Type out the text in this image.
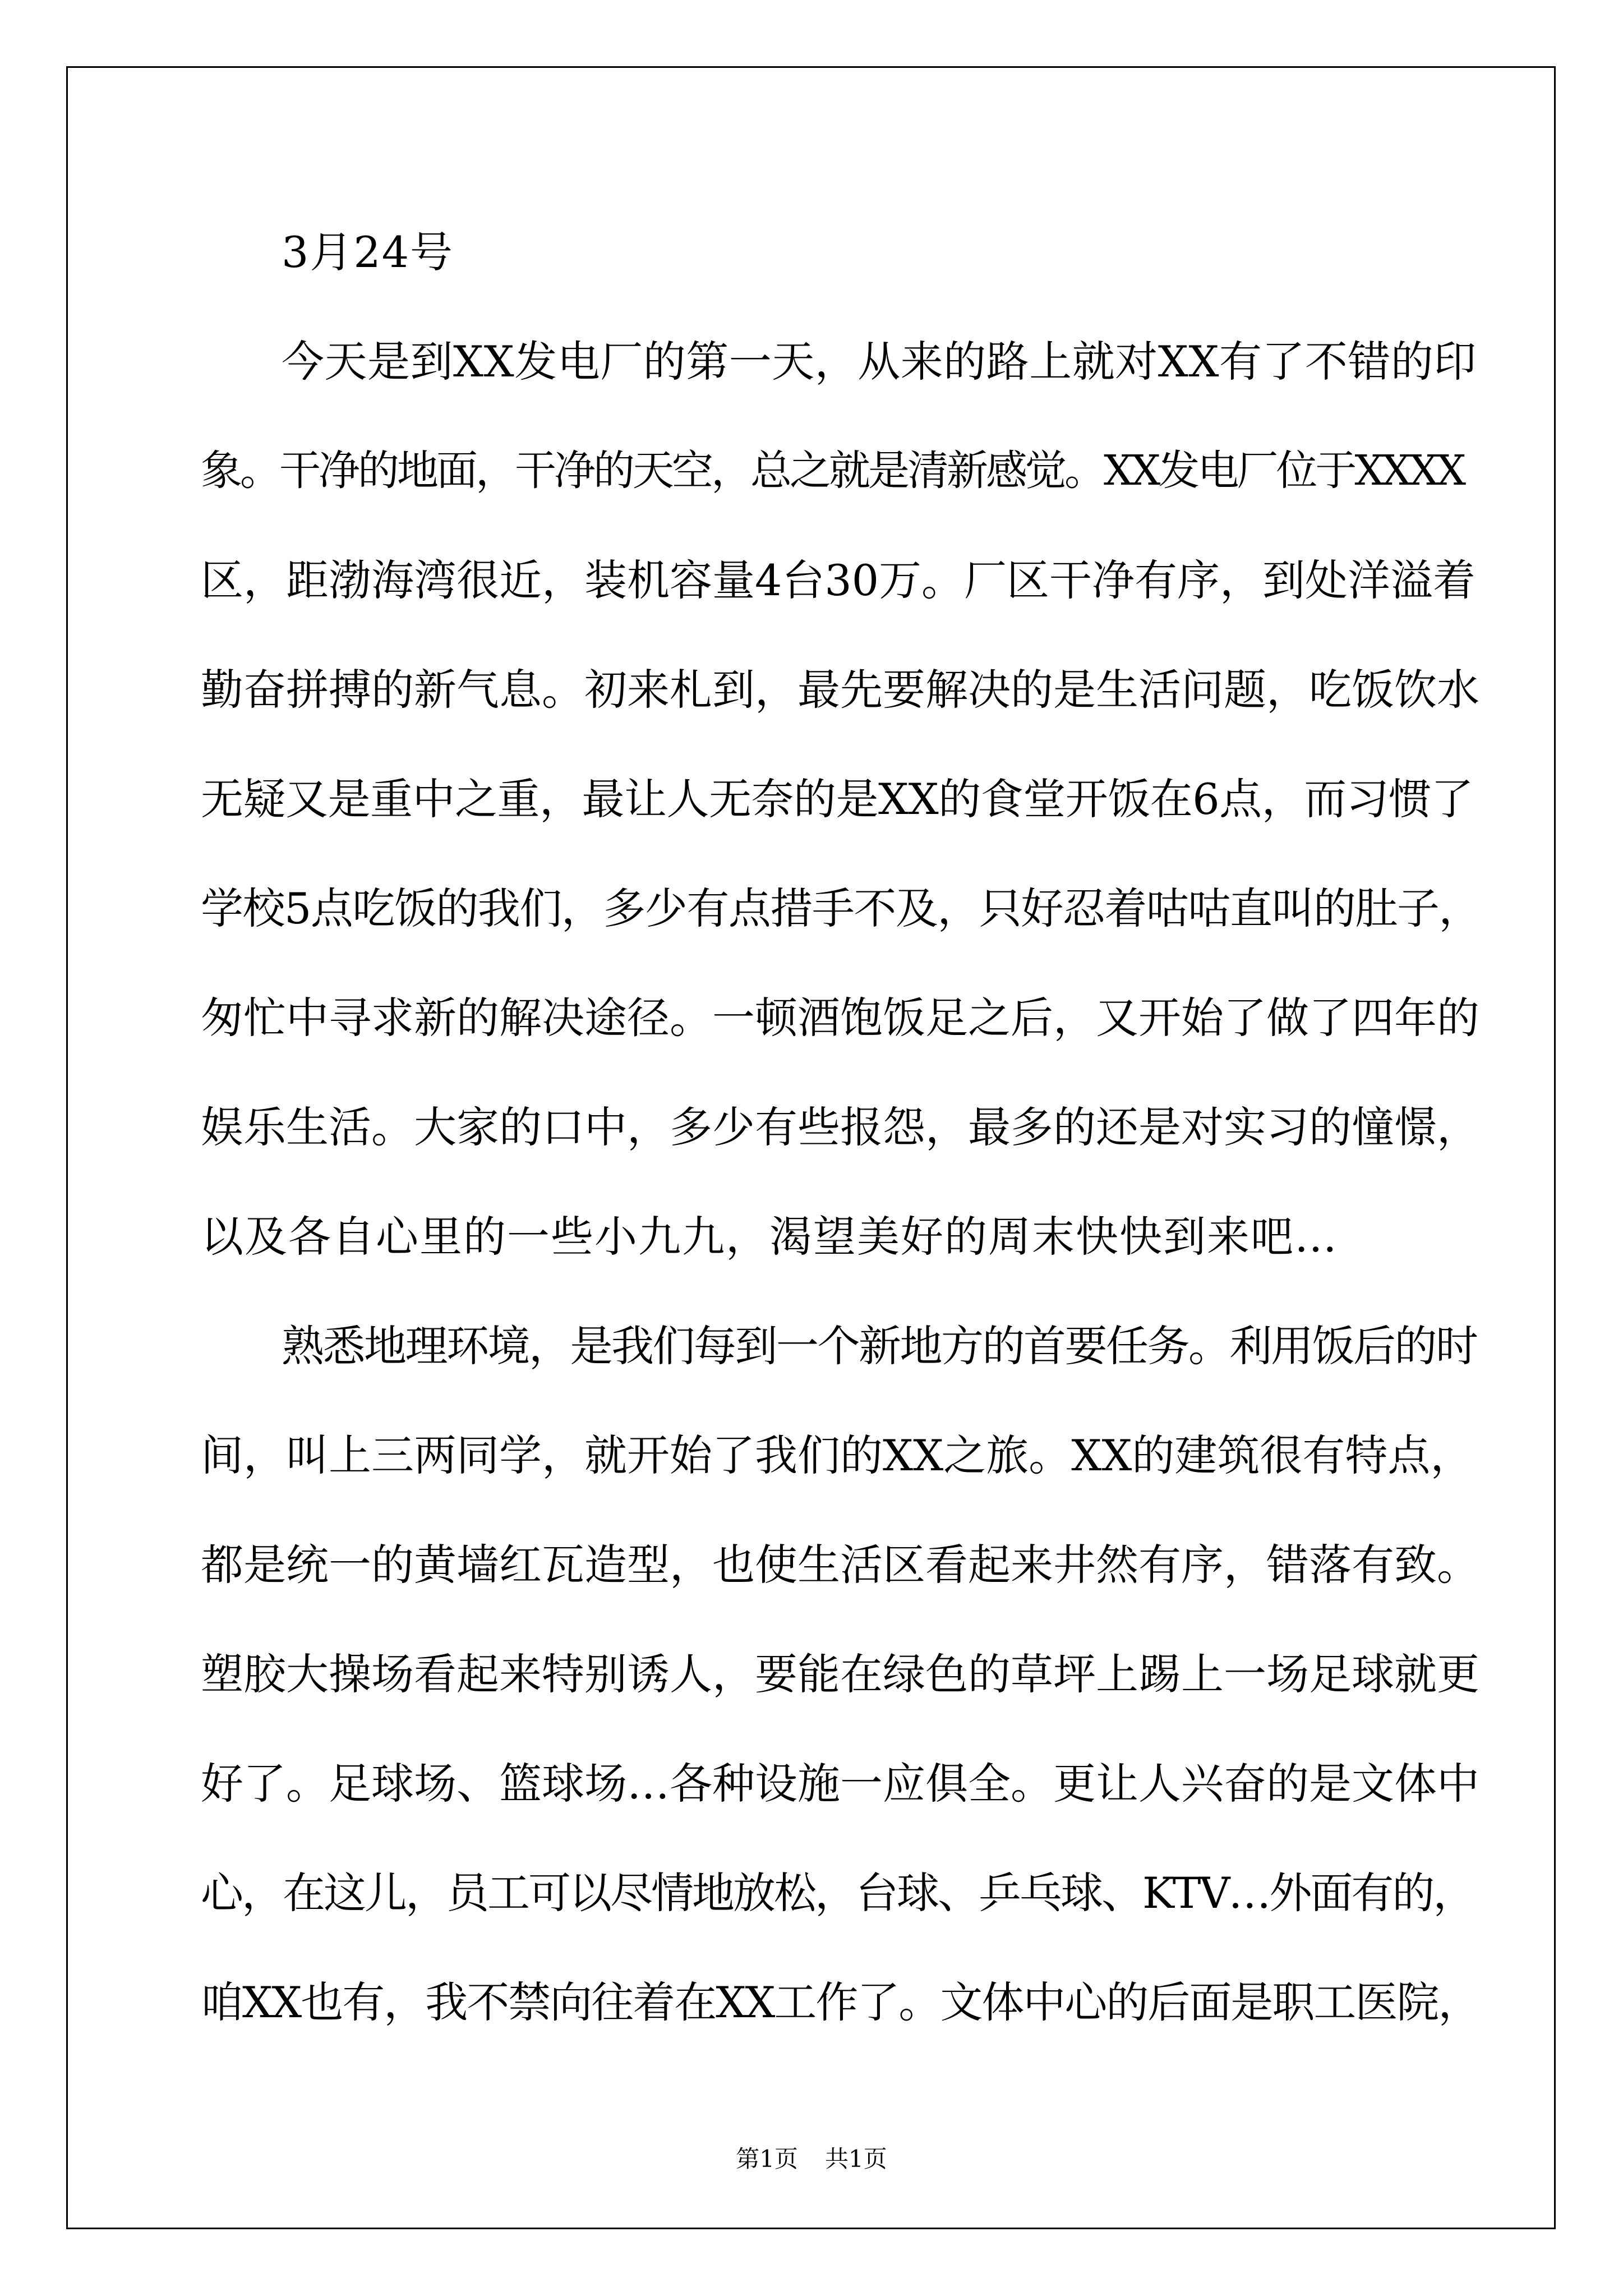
3月24号

今天是到XX发电厂的第一天，从来的路上就对XX有了不错的印

象。干净的地面，干净的天空，总之就是清新感觉。XX发电厂位于XXXX

区，距渤海湾很近，装机容量4台30万。厂区干净有序，到处洋溢着

勤奋拼搏的新气息。初来札到，最先要解决的是生活问题，吃饭饮水

无疑又是重中之重，最让人无奈的是XX的食堂开饭在6点，而习惯了

学校5点吃饭的我们，多少有点措手不及，只好忍着咕咕直叫的肚子，

匆忙中寻求新的解决途径。一顿酒饱饭足之后，又开始了做了四年的

娱乐生活。大家的口中，多少有些报怨，最多的还是对实习的憧憬，

以及各自心里的一些小九九，渴望美好的周末快快到来吧…

熟悉地理环境，是我们每到一个新地方的首要任务。利用饭后的时

间，叫上三两同学，就开始了我们的XX之旅。XX的建筑很有特点，

都是统一的黄墙红瓦造型，也使生活区看起来井然有序，错落有致。

塑胶大操场看起来特别诱人，要能在绿色的草坪上踢上一场足球就更

好了。足球场、篮球场…各种设施一应俱全。更让人兴奋的是文体中

心，在这儿，员工可以尽情地放松，台球、乒乓球、KTV…外面有的，

咱XX也有，我不禁向往着在XX工作了。文体中心的后面是职工医院，

第1页 共1页
